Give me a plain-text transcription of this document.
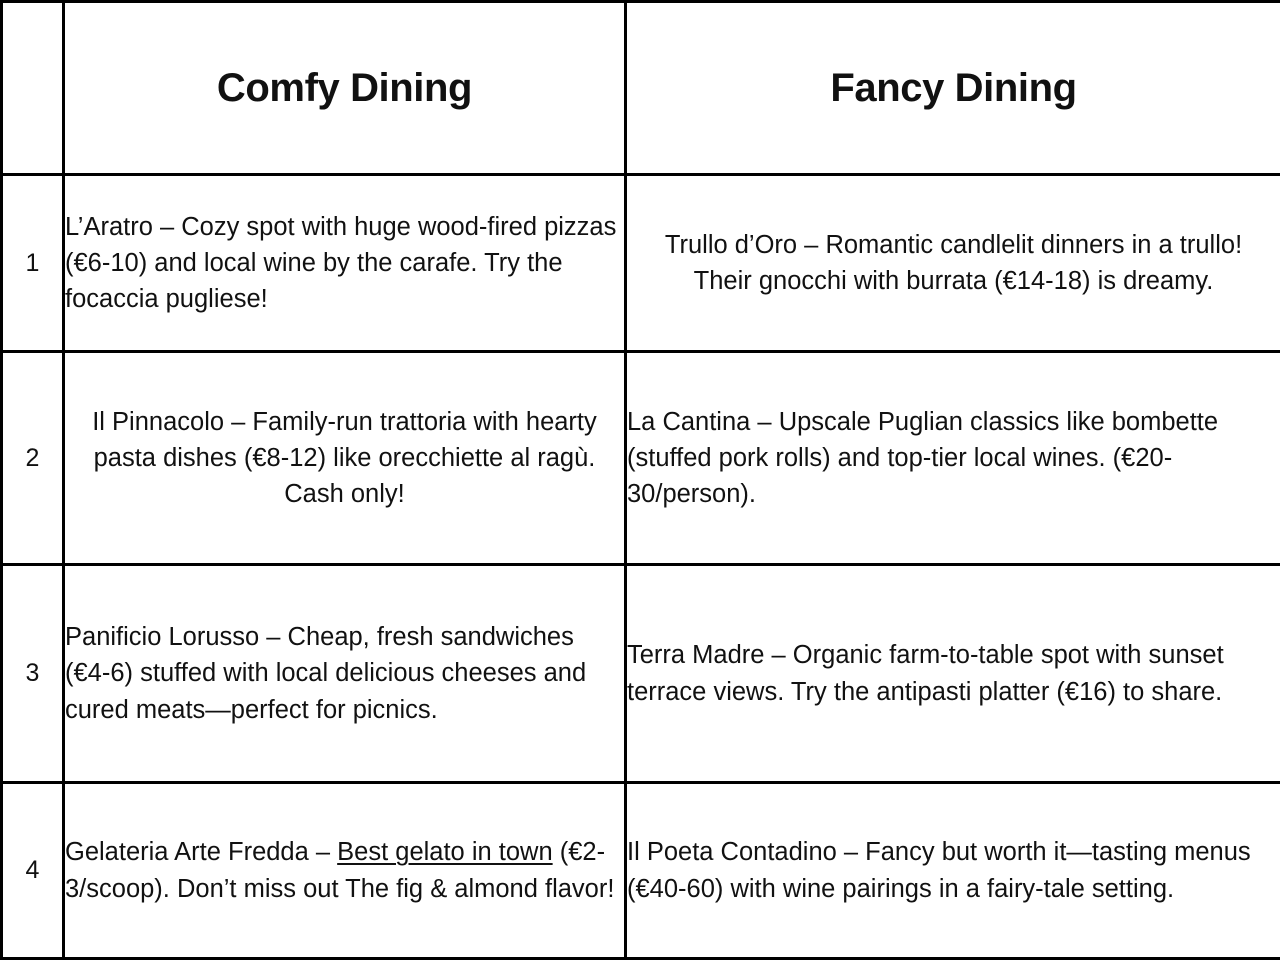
	Comfy Dining	Fancy Dining
1	L’Aratro – Cozy spot with huge wood-fired pizzas (€6-10) and local wine by the carafe. Try the focaccia pugliese!	Trullo d’Oro – Romantic candlelit dinners in a trullo! Their gnocchi with burrata (€14-18) is dreamy.

2	Il Pinnacolo – Family-run trattoria with hearty pasta dishes (€8-12) like orecchiette al ragù. Cash only!	La Cantina – Upscale Puglian classics like bombette (stuffed pork rolls) and top-tier local wines. (€20-30/person).

3	Panificio Lorusso – Cheap, fresh sandwiches (€4-6) stuffed with local delicious cheeses and cured meats—perfect for picnics.	Terra Madre – Organic farm-to-table spot with sunset terrace views. Try the antipasti platter (€16) to share.

4	Gelateria Arte Fredda – Best gelato in town (€2-3/scoop). Don’t miss out The fig & almond flavor!	Il Poeta Contadino – Fancy but worth it—tasting menus (€40-60) with wine pairings in a fairy-tale setting.
